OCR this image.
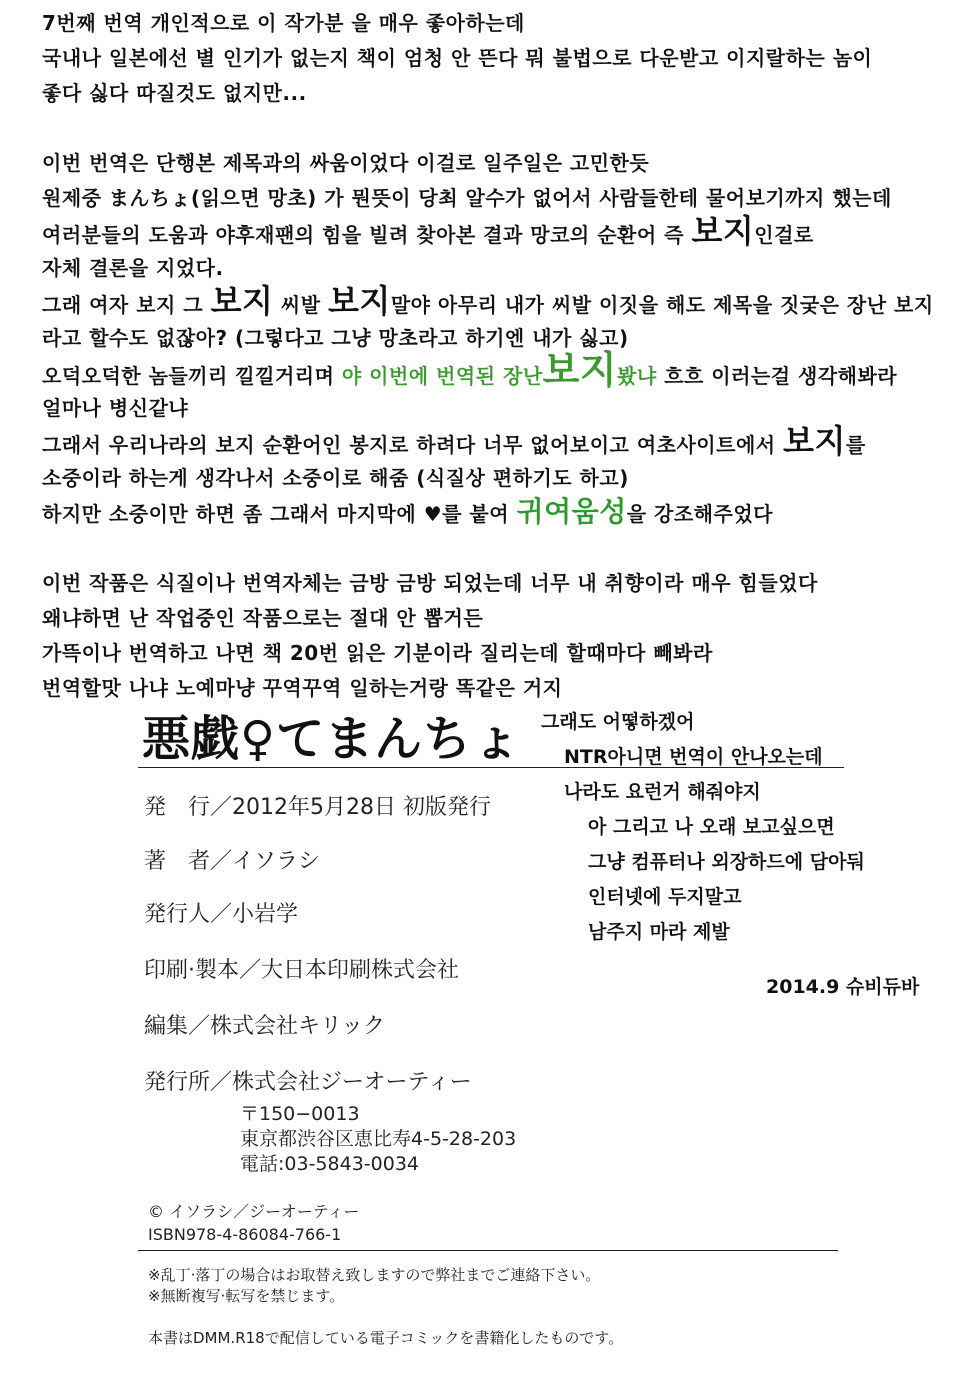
7번째 번역 개인적으로 이 작가분 을 매우 좋아하는데

국내나 일본에선 별 인기가 없는지 책이 엄청 안 뜬다 뭐 불법으로 다운받고 이지랄하는 놈이

좋다 싫다 따질것도 없지만...

이번 번역은 단행본 제목과의 싸움이었다 이걸로 일주일은 고민한듯

원제중 まんちょ(읽으면 망초) 가 뭔뜻이 당최 알수가 없어서 사람들한테 물어보기까지 했는데

여러분들의 도움과 야후재팬의 힘을 빌려 찾아본 결과 망코의 순환어 즉 보지인걸로

자체 결론을 지었다.

그래 여자 보지 그 보지 씨발 보지말야 아무리 내가 씨발 이짓을 해도 제목을 짓궂은 장난 보지

라고 할수도 없잖아? (그렇다고 그냥 망초라고 하기엔 내가 싫고)

오덕오덕한 놈들끼리 낄낄거리며 야 이번에 번역된 장난보지봤냐 흐흐 이러는걸 생각해봐라

얼마나 병신같냐

그래서 우리나라의 보지 순환어인 봉지로 하려다 너무 없어보이고 여초사이트에서 보지를

소중이라 하는게 생각나서 소중이로 해줌 (식질상 편하기도 하고)

하지만 소중이만 하면 좀 그래서 마지막에 ♥를 붙여 귀여움성을 강조해주었다

이번 작품은 식질이나 번역자체는 금방 금방 되었는데 너무 내 취향이라 매우 힘들었다

왜냐하면 난 작업중인 작품으로는 절대 안 뽑거든

가뜩이나 번역하고 나면 책 20번 읽은 기분이라 질리는데 할때마다 빼봐라

번역할맛 나냐 노예마냥 꾸역꾸역 일하는거랑 똑같은 거지

悪戯♀てまんちょ 그래도 어떻하겠어

NTR아니면 번역이 안나오는데

나라도 요런거 해줘야지

아 그리고 나 오래 보고싶으면

그냥 컴퓨터나 외장하드에 담아둬

인터넷에 두지말고

남주지 마라 제발

2014.9 슈비듀바

発　行／2012年5月28日 初版発行

著　者／イソラシ

発行人／小岩学

印刷·製本／大日本印刷株式会社

編集／株式会社キリック

発行所／株式会社ジーオーティー

〒150−0013

東京都渋谷区恵比寿4-5-28-203

電話:03-5843-0034

© イソラシ／ジーオーティー

ISBN978-4-86084-766-1

※乱丁·落丁の場合はお取替え致しますので弊社までご連絡下さい。

※無断複写·転写を禁じます。

本書はDMM.R18で配信している電子コミックを書籍化したものです。
